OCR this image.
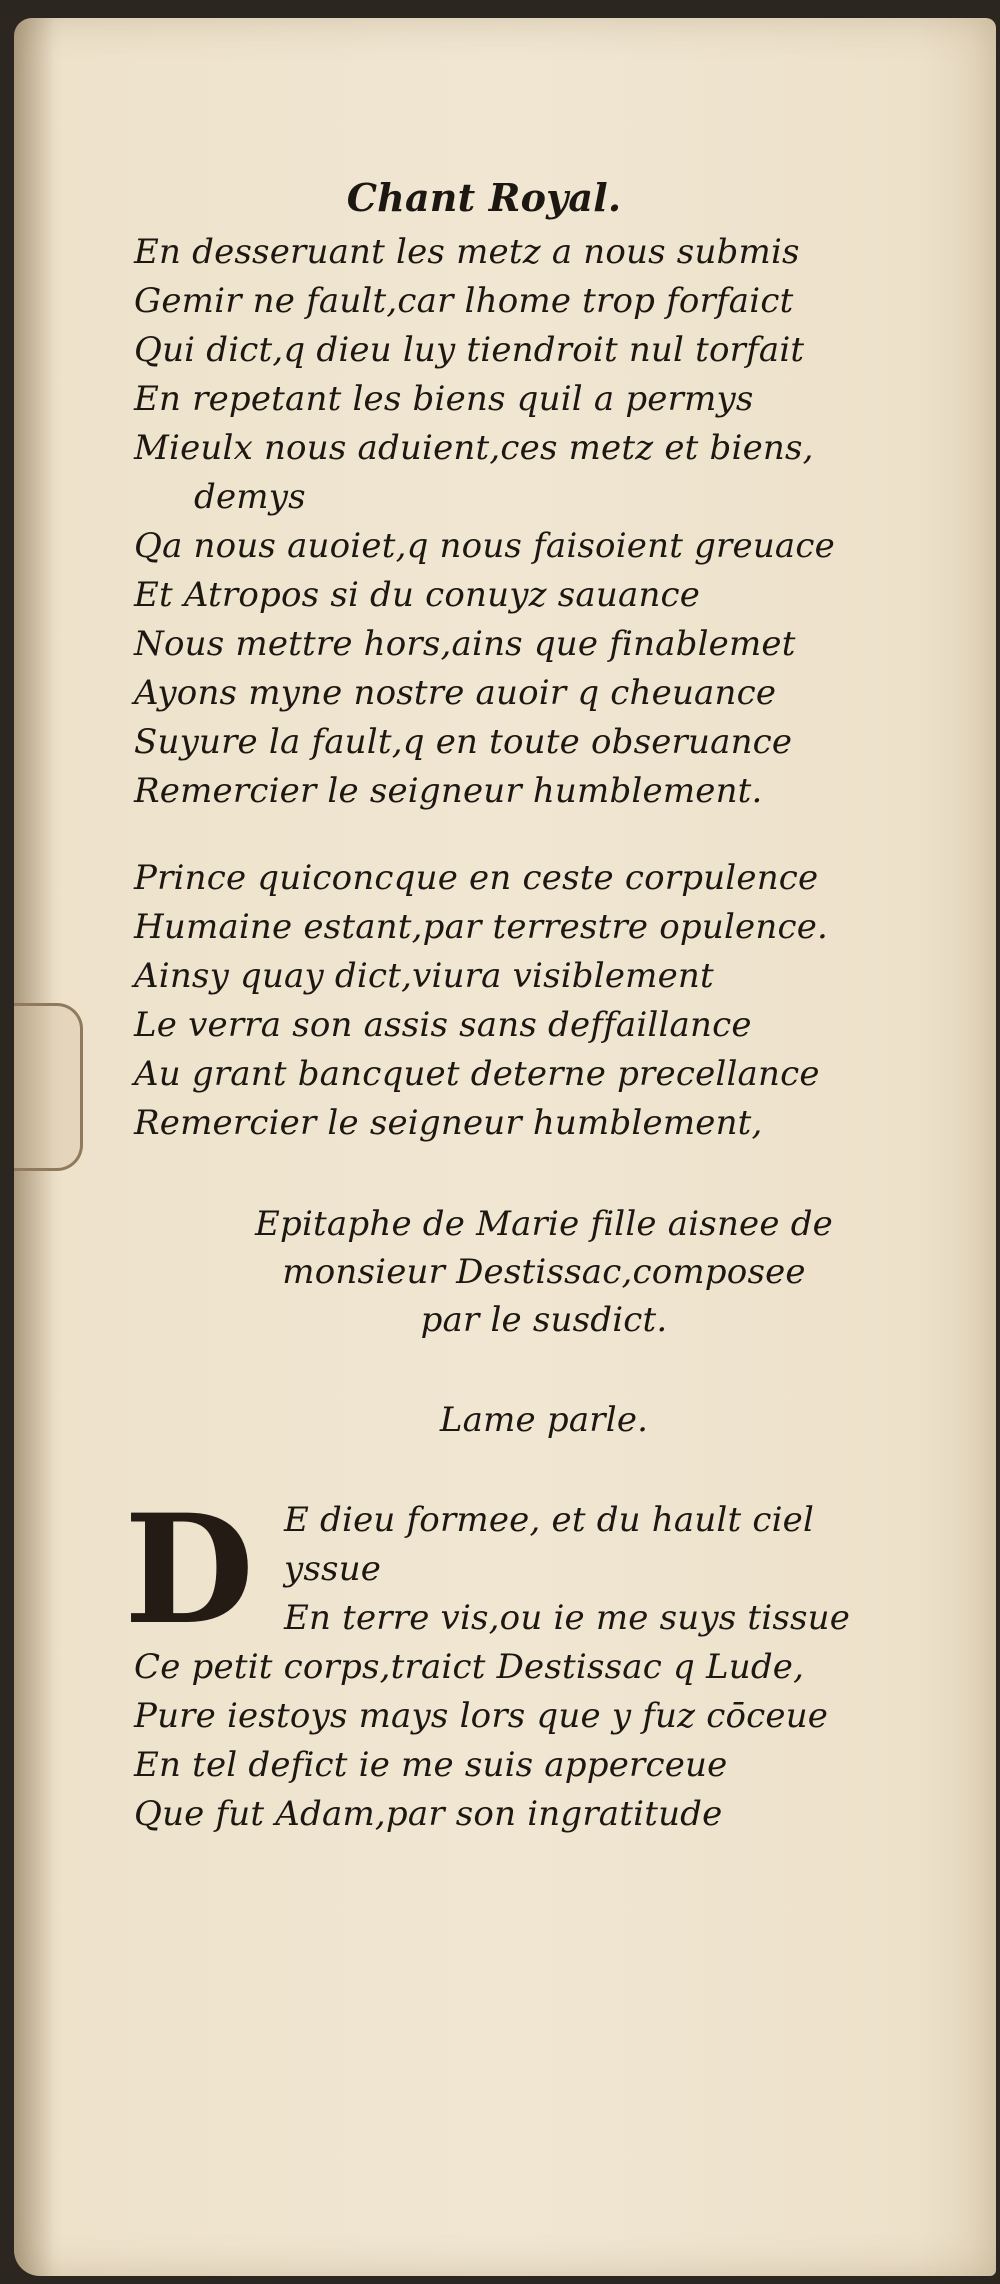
Chant Royal.
En desseruant les metz a nous submis
Gemir ne fault,car lhome trop forfaict
Qui dict,q dieu luy tiendroit nul torfait
En repetant les biens quil a permys
Mieulx nous aduient,ces metz et biens,
demys
Qa nous auoiet,q nous faisoient greuace
Et Atropos si du conuyz sauance
Nous mettre hors,ains que finablemet
Ayons myne nostre auoir q cheuance
Suyure la fault,q en toute obseruance
Remercier le seigneur humblement.
Prince quiconcque en ceste corpulence
Humaine estant,par terrestre opulence.
Ainsy quay dict,viura visiblement
Le verra son assis sans deffaillance
Au grant bancquet deterne precellance
Remercier le seigneur humblement,
Epitaphe de Marie fille aisnee de
monsieur Destissac,composee
par le susdict.
Lame parle.
D E dieu formee, et du hault ciel
yssue
En terre vis,ou ie me suys tissue
Ce petit corps,traict Destissac q Lude,
Pure iestoys mays lors que y fuz cōceue
En tel defict ie me suis apperceue
Que fut Adam,par son ingratitude
